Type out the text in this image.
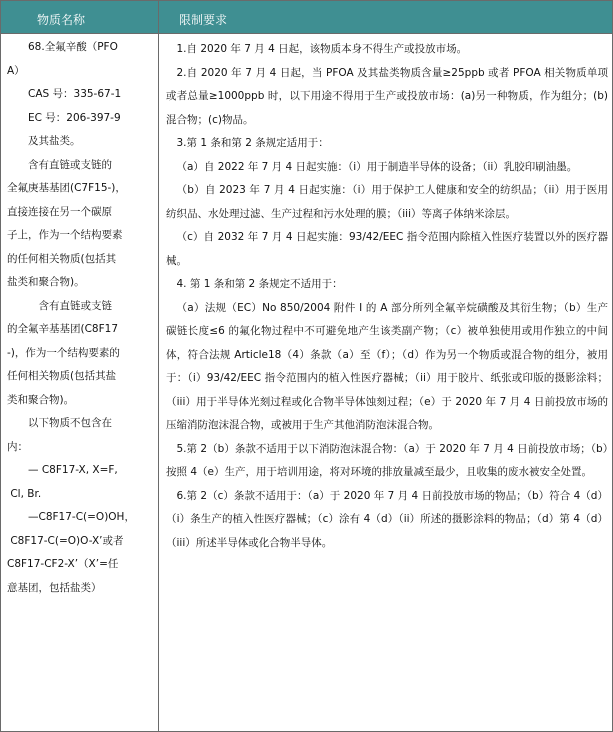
物质名称	限制要求
　　68.全氟辛酸（PFO
A）
　　CAS 号：335-67-1
　　EC 号：206-397-9
　　及其盐类。
　　含有直链或支链的
全氟庚基基团(C7F15-)，
直接连接在另一个碳原
子上，作为一个结构要素
的任何相关物质(包括其
盐类和聚合物)。
　　　含有直链或支链
的全氟辛基基团(C8F17
-)，作为一个结构要素的
任何相关物质(包括其盐
类和聚合物)。
　　以下物质不包含在
内：
　　— C8F17-X, X=F,
Cl, Br.
　　—C8F17-C(=O)OH，
C8F17-C(=O)O-X’或者
C8F17-CF2-X’（X’=任
意基团，包括盐类）

1.自 2020 年 7 月 4 日起，该物质本身不得生产或投放市场。

2.自 2020 年 7 月 4 日起，当 PFOA 及其盐类物质含量≥25ppb 或者 PFOA 相关物质单项或者总量≥1000ppb 时，以下用途不得用于生产或投放市场：(a)另一种物质，作为组分；(b)混合物；(c)物品。

3.第 1 条和第 2 条规定适用于：

（a）自 2022 年 7 月 4 日起实施：（i）用于制造半导体的设备；（ii）乳胶印刷油墨。

（b）自 2023 年 7 月 4 日起实施：（i）用于保护工人健康和安全的纺织品；（ii）用于医用纺织品、水处理过滤、生产过程和污水处理的膜；（iii）等离子体纳米涂层。

（c）自 2032 年 7 月 4 日起实施：93/42/EEC 指令范围内除植入性医疗装置以外的医疗器械。

4. 第 1 条和第 2 条规定不适用于：

（a）法规（EC）No 850/2004 附件 I 的 A 部分所列全氟辛烷磺酸及其衍生物；（b）生产碳链长度≤6 的氟化物过程中不可避免地产生该类副产物；（c）被单独使用或用作独立的中间体，符合法规 Article18（4）条款（a）至（f）；（d）作为另一个物质或混合物的组分，被用于：（i）93/42/EEC 指令范围内的植入性医疗器械；（ii）用于胶片、纸张或印版的摄影涂料；（iii）用于半导体光刻过程或化合物半导体蚀刻过程；（e）于 2020 年 7 月 4 日前投放市场的压缩消防泡沫混合物，或被用于生产其他消防泡沫混合物。

5.第 2（b）条款不适用于以下消防泡沫混合物：（a）于 2020 年 7 月 4 日前投放市场；（b）按照 4（e）生产，用于培训用途，将对环境的排放量减至最少，且收集的废水被安全处置。

6.第 2（c）条款不适用于：（a）于 2020 年 7 月 4 日前投放市场的物品；（b）符合 4（d）（i）条生产的植入性医疗器械；（c）涂有 4（d）（ii）所述的摄影涂料的物品；（d）第 4（d）（iii）所述半导体或化合物半导体。
